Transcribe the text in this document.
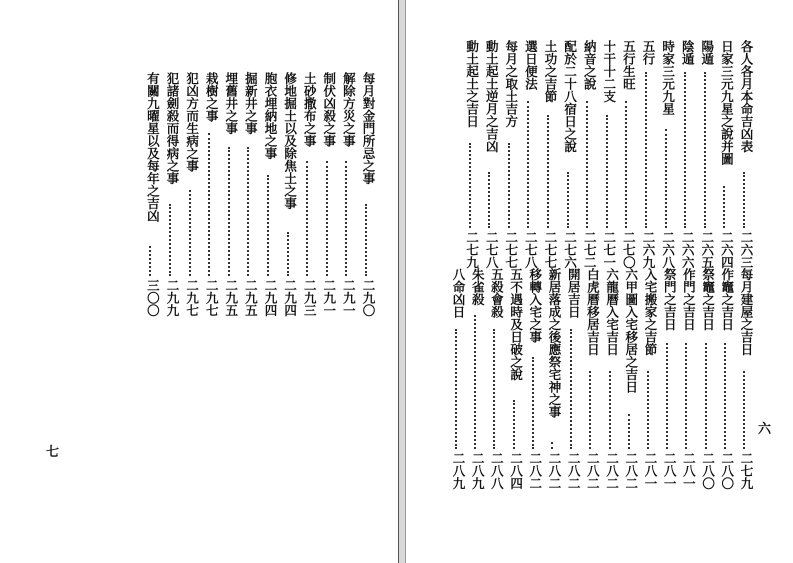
六
各人各月本命吉凶表
二六三
日家三元九星之說并圖
二六四
陽遁
二六五
陰遁
二六六
時家三元九星
二六八
五行
二六九
五行生旺
二七〇
十干十二支
二七一
納音之說
二七二
配於二十八宿日之說
二七六
土功之吉節
二七七
選日便法
二七八
每月之取土吉方
二七七
動土起土逆月之吉凶
二七八
動土起土之吉日
二七九
每月建屋之吉日
二七九
作竈之吉日
二八〇
祭竈之吉日
二八〇
作門之吉日
二八一
祭門之吉日
二八一
入宅搬家之吉節
二八一
六甲圖入宅移居之吉日
二八二
六龍曆入宅吉日
二八二
白虎曆移居吉日
二八二
開居吉日
二八二
新居落成之後應祭宅神之事
二八二
移轉入宅之事
二八二
五不遇時及日破之說
二八四
五殺會殺
二八八
朱雀殺
二八九
八命凶日
二八九
七
每月對金門所忌之事
二九〇
解除方災之事
二九一
制伏凶殺之事
二九一
土砂撒布之事
二九三
修地掘土以及除焦土之事
二九四
胞衣埋納地之事
二九四
掘新井之事
二九五
埋舊井之事
二九五
栽樹之事
二九七
犯凶方而生病之事
二九七
犯諸劍殺而得病之事
二九九
有關九曜星以及每年之吉凶
三〇〇
